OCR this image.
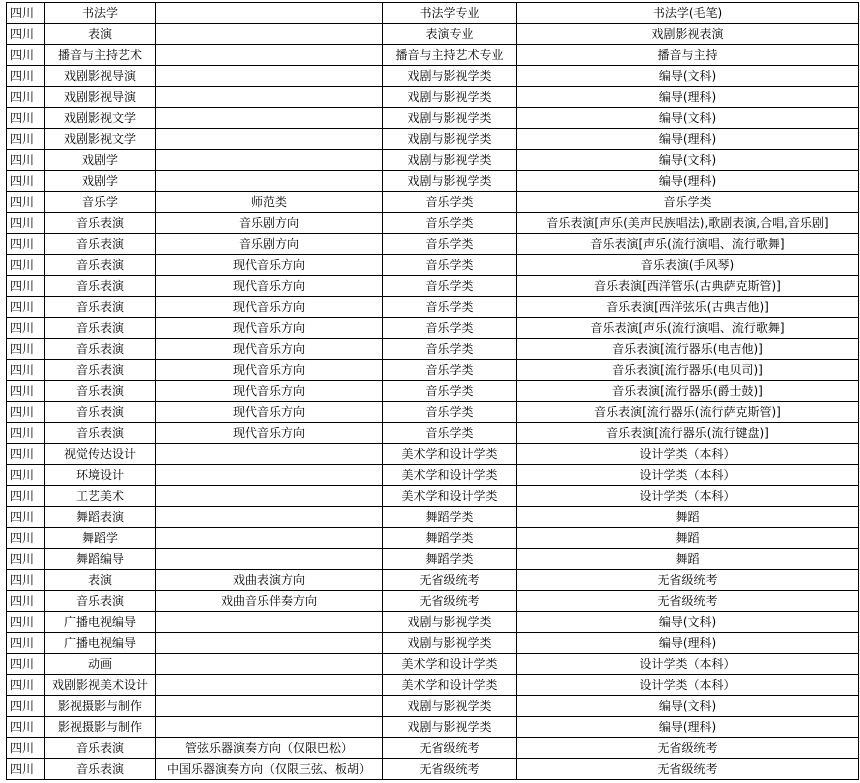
四川	书法学		书法学专业	书法学(毛笔)
四川	表演		表演专业	戏剧影视表演
四川	播音与主持艺术		播音与主持艺术专业	播音与主持
四川	戏剧影视导演		戏剧与影视学类	编导(文科)
四川	戏剧影视导演		戏剧与影视学类	编导(理科)
四川	戏剧影视文学		戏剧与影视学类	编导(文科)
四川	戏剧影视文学		戏剧与影视学类	编导(理科)
四川	戏剧学		戏剧与影视学类	编导(文科)
四川	戏剧学		戏剧与影视学类	编导(理科)
四川	音乐学	师范类	音乐学类	音乐学类
四川	音乐表演	音乐剧方向	音乐学类	音乐表演[声乐(美声民族唱法),歌剧表演,合唱,音乐剧]
四川	音乐表演	音乐剧方向	音乐学类	音乐表演[声乐(流行演唱、流行歌舞]
四川	音乐表演	现代音乐方向	音乐学类	音乐表演(手风琴)
四川	音乐表演	现代音乐方向	音乐学类	音乐表演[西洋管乐(古典萨克斯管)]
四川	音乐表演	现代音乐方向	音乐学类	音乐表演[西洋弦乐(古典吉他)]
四川	音乐表演	现代音乐方向	音乐学类	音乐表演[声乐(流行演唱、流行歌舞]
四川	音乐表演	现代音乐方向	音乐学类	音乐表演[流行器乐(电吉他)]
四川	音乐表演	现代音乐方向	音乐学类	音乐表演[流行器乐(电贝司)]
四川	音乐表演	现代音乐方向	音乐学类	音乐表演[流行器乐(爵士鼓)]
四川	音乐表演	现代音乐方向	音乐学类	音乐表演[流行器乐(流行萨克斯管)]
四川	音乐表演	现代音乐方向	音乐学类	音乐表演[流行器乐(流行键盘)]
四川	视觉传达设计		美术学和设计学类	设计学类（本科）
四川	环境设计		美术学和设计学类	设计学类（本科）
四川	工艺美术		美术学和设计学类	设计学类（本科）
四川	舞蹈表演		舞蹈学类	舞蹈
四川	舞蹈学		舞蹈学类	舞蹈
四川	舞蹈编导		舞蹈学类	舞蹈
四川	表演	戏曲表演方向	无省级统考	无省级统考
四川	音乐表演	戏曲音乐伴奏方向	无省级统考	无省级统考
四川	广播电视编导		戏剧与影视学类	编导(文科)
四川	广播电视编导		戏剧与影视学类	编导(理科)
四川	动画		美术学和设计学类	设计学类（本科）
四川	戏剧影视美术设计		美术学和设计学类	设计学类（本科）
四川	影视摄影与制作		戏剧与影视学类	编导(文科)
四川	影视摄影与制作		戏剧与影视学类	编导(理科)
四川	音乐表演	管弦乐器演奏方向（仅限巴松）	无省级统考	无省级统考
四川	音乐表演	中国乐器演奏方向（仅限三弦、板胡）	无省级统考	无省级统考
